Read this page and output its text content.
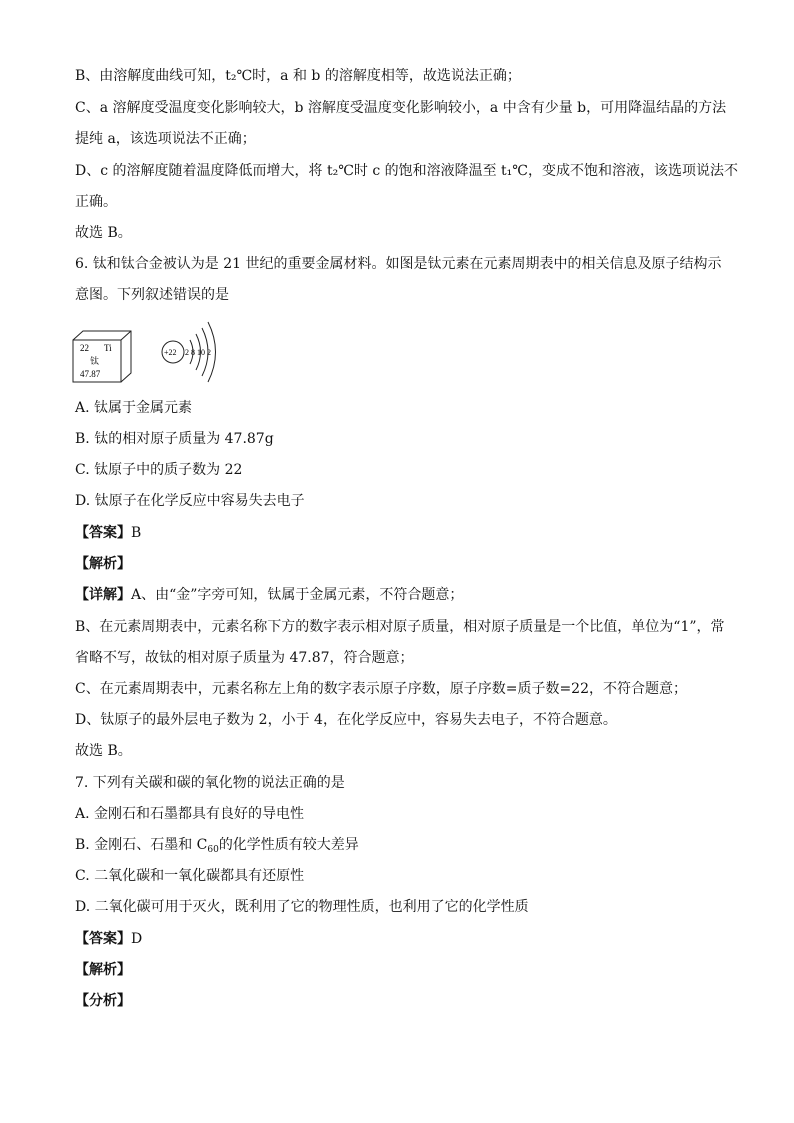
B、由溶解度曲线可知，t₂℃时，a 和 b 的溶解度相等，故选说法正确；
C、a 溶解度受温度变化影响较大，b 溶解度受温度变化影响较小，a 中含有少量 b，可用降温结晶的方法
提纯 a，该选项说法不正确；
D、c 的溶解度随着温度降低而增大，将 t₂℃时 c 的饱和溶液降温至 t₁℃，变成不饱和溶液，该选项说法不
正确。
故选 B。
6. 钛和钛合金被认为是 21 世纪的重要金属材料。如图是钛元素在元素周期表中的相关信息及原子结构示
意图。下列叙述错误的是
22 Ti
钛
47.87
+22 2 8 10 2
A. 钛属于金属元素
B. 钛的相对原子质量为 47.87g
C. 钛原子中的质子数为 22
D. 钛原子在化学反应中容易失去电子
【答案】B
【解析】
【详解】A、由“金”字旁可知，钛属于金属元素，不符合题意；
B、在元素周期表中，元素名称下方的数字表示相对原子质量，相对原子质量是一个比值，单位为“1”，常
省略不写，故钛的相对原子质量为 47.87，符合题意；
C、在元素周期表中，元素名称左上角的数字表示原子序数，原子序数=质子数=22，不符合题意；
D、钛原子的最外层电子数为 2，小于 4，在化学反应中，容易失去电子，不符合题意。
故选 B。
7. 下列有关碳和碳的氧化物的说法正确的是
A. 金刚石和石墨都具有良好的导电性
B. 金刚石、石墨和 $C_{60}$的化学性质有较大差异
C. 二氧化碳和一氧化碳都具有还原性
D. 二氧化碳可用于灭火，既利用了它的物理性质，也利用了它的化学性质
【答案】D
【解析】
【分析】
